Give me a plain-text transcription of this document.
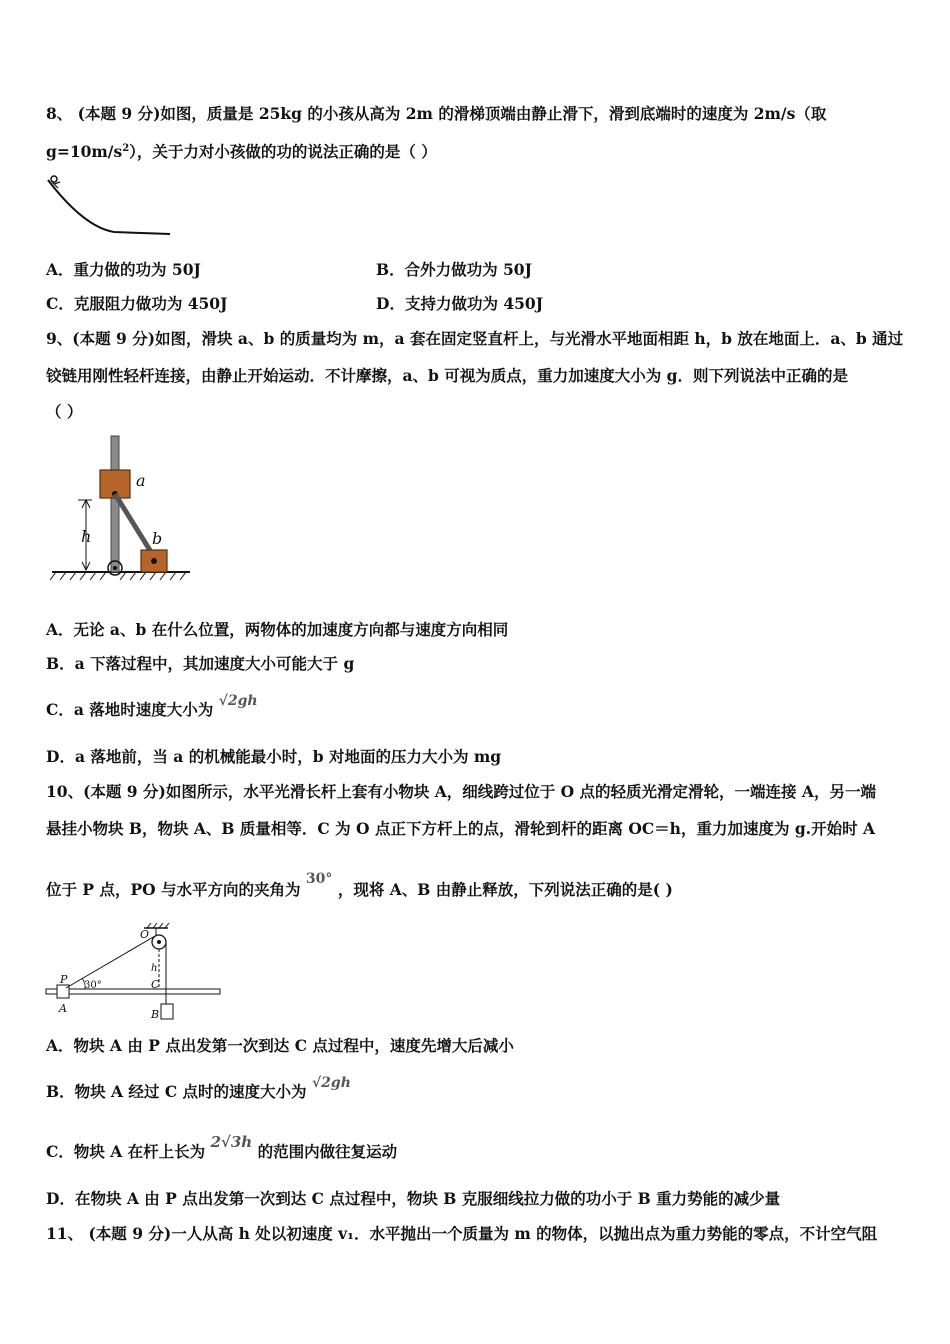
8、 (本题 9 分)如图，质量是 25kg 的小孩从高为 2m 的滑梯顶端由静止滑下，滑到底端时的速度为 2m/s（取
$g=10m/s^2$），关于力对小孩做的功的说法正确的是（ ）
A．重力做的功为 50J	B．合外力做功为 50J
C．克服阻力做功为 450J	D．支持力做功为 450J
9、(本题 9 分)如图，滑块 a、b 的质量均为 m，a 套在固定竖直杆上，与光滑水平地面相距 h，b 放在地面上．a、b 通过
铰链用刚性轻杆连接，由静止开始运动．不计摩擦，a、b 可视为质点，重力加速度大小为 g．则下列说法中正确的是
（ ）
h
a
b
A．无论 a、b 在什么位置，两物体的加速度方向都与速度方向相同
B．a 下落过程中，其加速度大小可能大于 g
C．a 落地时速度大小为 √2gh
D．a 落地前，当 a 的机械能最小时，b 对地面的压力大小为 mg
10、(本题 9 分)如图所示，水平光滑长杆上套有小物块 A，细线跨过位于 O 点的轻质光滑定滑轮，一端连接 A，另一端
悬挂小物块 B，物块 A、B 质量相等．C 为 O 点正下方杆上的点，滑轮到杆的距离 OC＝h，重力加速度为 g.开始时 A
位于 P 点，PO 与水平方向的夹角为 30° ，现将 A、B 由静止释放，下列说法正确的是( )
O
h
C
P 30°
A	B
A．物块 A 由 P 点出发第一次到达 C 点过程中，速度先增大后减小
B．物块 A 经过 C 点时的速度大小为 √2gh
C．物块 A 在杆上长为 2√3h 的范围内做往复运动
D．在物块 A 由 P 点出发第一次到达 C 点过程中，物块 B 克服细线拉力做的功小于 B 重力势能的减少量
11、 (本题 9 分)一人从高 h 处以初速度 v₁．水平抛出一个质量为 m 的物体，以抛出点为重力势能的零点，不计空气阻
